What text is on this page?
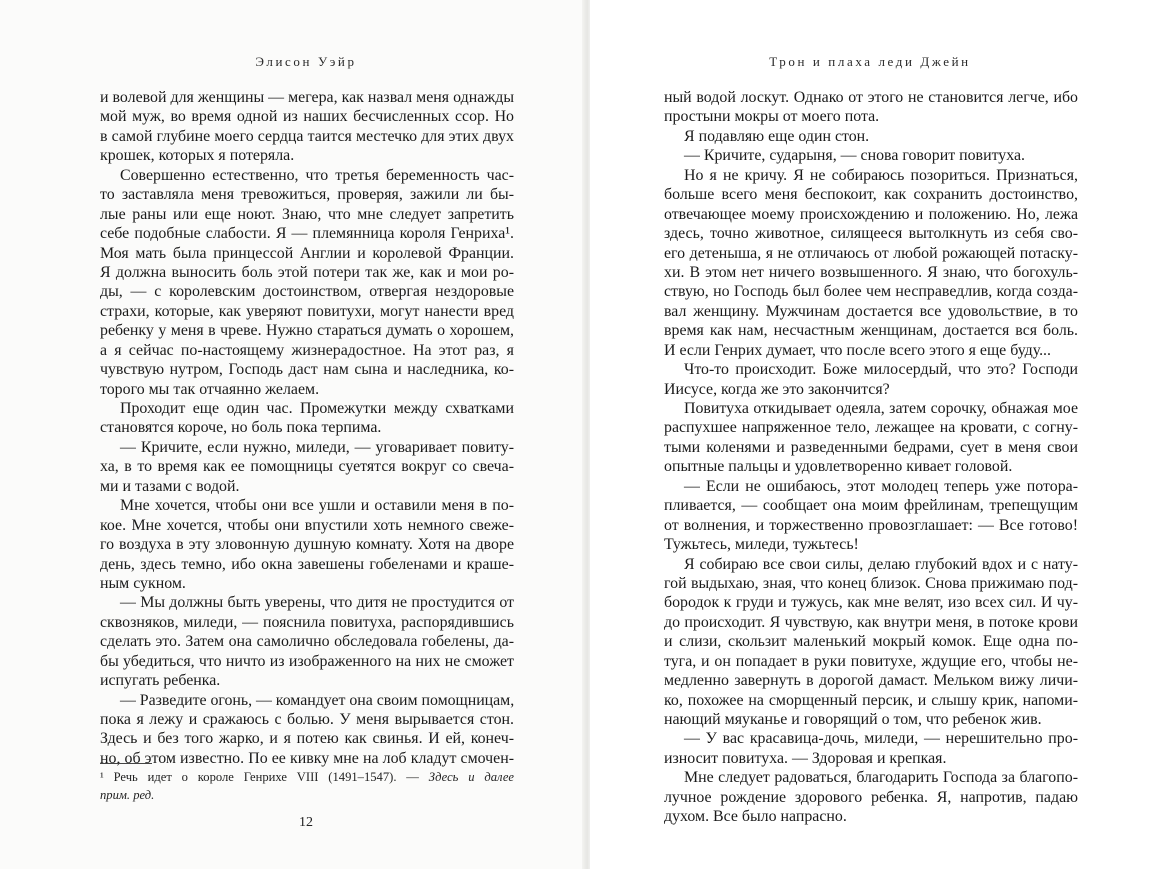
Элисон Уэйр
и волевой для женщины — мегера, как назвал меня однажды
мой муж, во время одной из наших бесчисленных ссор. Но
в самой глубине моего сердца таится местечко для этих двух
крошек, которых я потеряла.
Совершенно естественно, что третья беременность час-
то заставляла меня тревожиться, проверяя, зажили ли бы-
лые раны или еще ноют. Знаю, что мне следует запретить
себе подобные слабости. Я — племянница короля Генриха¹.
Моя мать была принцессой Англии и королевой Франции.
Я должна выносить боль этой потери так же, как и мои ро-
ды, — с королевским достоинством, отвергая нездоровые
страхи, которые, как уверяют повитухи, могут нанести вред
ребенку у меня в чреве. Нужно стараться думать о хорошем,
а я сейчас по-настоящему жизнерадостное. На этот раз, я
чувствую нутром, Господь даст нам сына и наследника, ко-
торого мы так отчаянно желаем.
Проходит еще один час. Промежутки между схватками
становятся короче, но боль пока терпима.
— Кричите, если нужно, миледи, — уговаривает повиту-
ха, в то время как ее помощницы суетятся вокруг со свеча-
ми и тазами с водой.
Мне хочется, чтобы они все ушли и оставили меня в по-
кое. Мне хочется, чтобы они впустили хоть немного свеже-
го воздуха в эту зловонную душную комнату. Хотя на дворе
день, здесь темно, ибо окна завешены гобеленами и краше-
ным сукном.
— Мы должны быть уверены, что дитя не простудится от
сквозняков, миледи, — пояснила повитуха, распорядившись
сделать это. Затем она самолично обследовала гобелены, да-
бы убедиться, что ничто из изображенного на них не сможет
испугать ребенка.
— Разведите огонь, — командует она своим помощницам,
пока я лежу и сражаюсь с болью. У меня вырывается стон.
Здесь и без того жарко, и я потею как свинья. И ей, конеч-
но, об этом известно. По ее кивку мне на лоб кладут смочен-
¹ Речь идет о короле Генрихе VIII (1491–1547). — Здесь и далее
прим. ред.
12
Трон и плаха леди Джейн
ный водой лоскут. Однако от этого не становится легче, ибо
простыни мокры от моего пота.
Я подавляю еще один стон.
— Кричите, сударыня, — снова говорит повитуха.
Но я не кричу. Я не собираюсь позориться. Признаться,
больше всего меня беспокоит, как сохранить достоинство,
отвечающее моему происхождению и положению. Но, лежа
здесь, точно животное, силящееся вытолкнуть из себя сво-
его детеныша, я не отличаюсь от любой рожающей потаску-
хи. В этом нет ничего возвышенного. Я знаю, что богохуль-
ствую, но Господь был более чем несправедлив, когда созда-
вал женщину. Мужчинам достается все удовольствие, в то
время как нам, несчастным женщинам, достается вся боль.
И если Генрих думает, что после всего этого я еще буду...
Что-то происходит. Боже милосердый, что это? Господи
Иисусе, когда же это закончится?
Повитуха откидывает одеяла, затем сорочку, обнажая мое
распухшее напряженное тело, лежащее на кровати, с согну-
тыми коленями и разведенными бедрами, сует в меня свои
опытные пальцы и удовлетворенно кивает головой.
— Если не ошибаюсь, этот молодец теперь уже потора-
пливается, — сообщает она моим фрейлинам, трепещущим
от волнения, и торжественно провозглашает: — Все готово!
Тужьтесь, миледи, тужьтесь!
Я собираю все свои силы, делаю глубокий вдох и с нату-
гой выдыхаю, зная, что конец близок. Снова прижимаю под-
бородок к груди и тужусь, как мне велят, изо всех сил. И чу-
до происходит. Я чувствую, как внутри меня, в потоке крови
и слизи, скользит маленький мокрый комок. Еще одна по-
туга, и он попадает в руки повитухе, ждущие его, чтобы не-
медленно завернуть в дорогой дамаст. Мельком вижу личи-
ко, похожее на сморщенный персик, и слышу крик, напоми-
нающий мяуканье и говорящий о том, что ребенок жив.
— У вас красавица-дочь, миледи, — нерешительно про-
износит повитуха. — Здоровая и крепкая.
Мне следует радоваться, благодарить Господа за благопо-
лучное рождение здорового ребенка. Я, напротив, падаю
духом. Все было напрасно.
